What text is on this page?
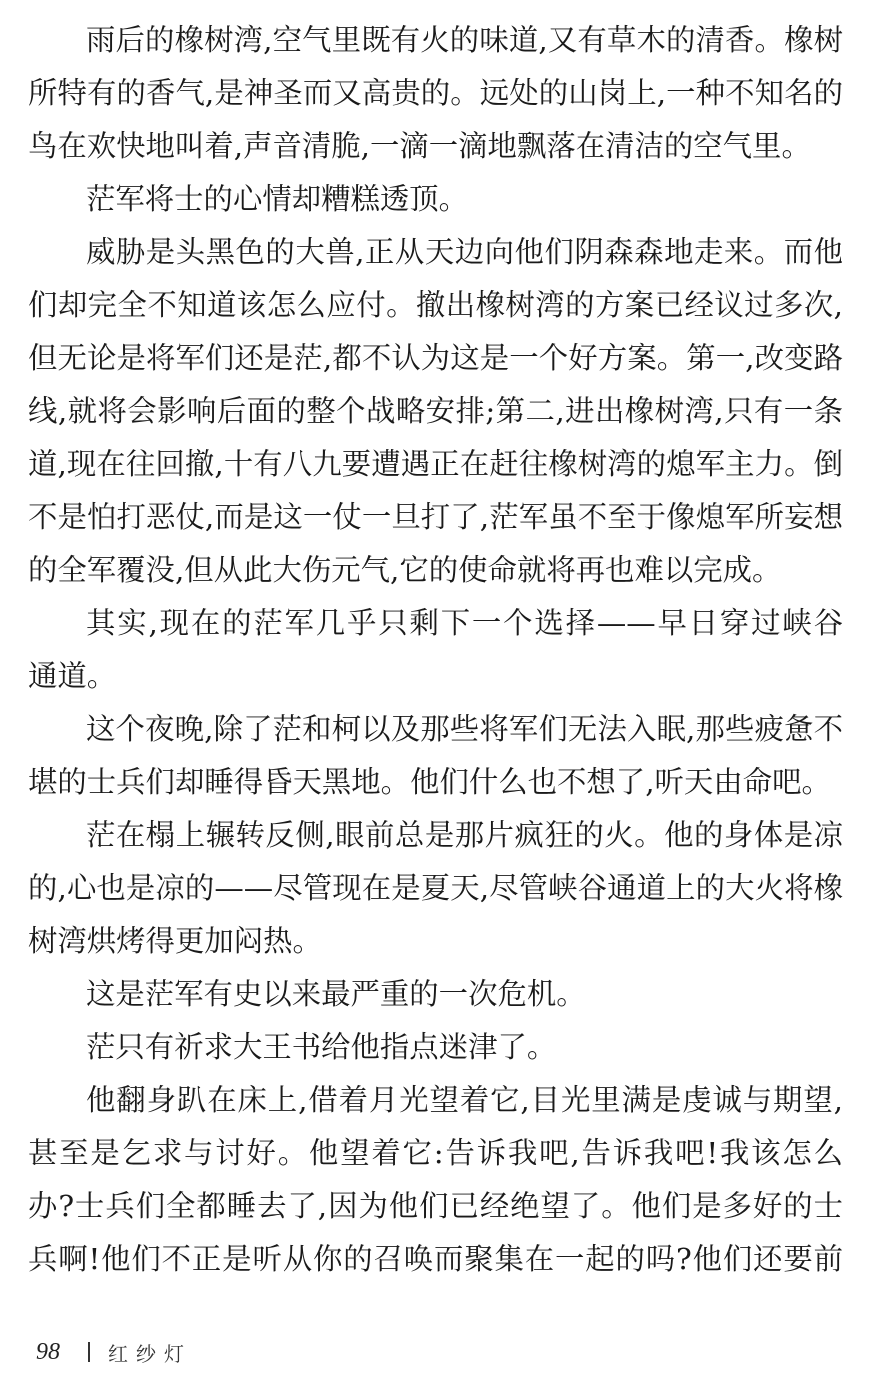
雨后的橡树湾,空气里既有火的味道,又有草木的清香。橡树
所特有的香气,是神圣而又高贵的。远处的山岗上,一种不知名的
鸟在欢快地叫着,声音清脆,一滴一滴地飘落在清洁的空气里。
茫军将士的心情却糟糕透顶。
威胁是头黑色的大兽,正从天边向他们阴森森地走来。而他
们却完全不知道该怎么应付。撤出橡树湾的方案已经议过多次,
但无论是将军们还是茫,都不认为这是一个好方案。第一,改变路
线,就将会影响后面的整个战略安排;第二,进出橡树湾,只有一条
道,现在往回撤,十有八九要遭遇正在赶往橡树湾的熄军主力。倒
不是怕打恶仗,而是这一仗一旦打了,茫军虽不至于像熄军所妄想
的全军覆没,但从此大伤元气,它的使命就将再也难以完成。
其实,现在的茫军几乎只剩下一个选择——早日穿过峡谷
通道。
这个夜晚,除了茫和柯以及那些将军们无法入眠,那些疲惫不
堪的士兵们却睡得昏天黑地。他们什么也不想了,听天由命吧。
茫在榻上辗转反侧,眼前总是那片疯狂的火。他的身体是凉
的,心也是凉的——尽管现在是夏天,尽管峡谷通道上的大火将橡
树湾烘烤得更加闷热。
这是茫军有史以来最严重的一次危机。
茫只有祈求大王书给他指点迷津了。
他翻身趴在床上,借着月光望着它,目光里满是虔诚与期望,
甚至是乞求与讨好。他望着它:告诉我吧,告诉我吧!我该怎么
办?士兵们全都睡去了,因为他们已经绝望了。他们是多好的士
兵啊!他们不正是听从你的召唤而聚集在一起的吗?他们还要前
98 红纱灯
